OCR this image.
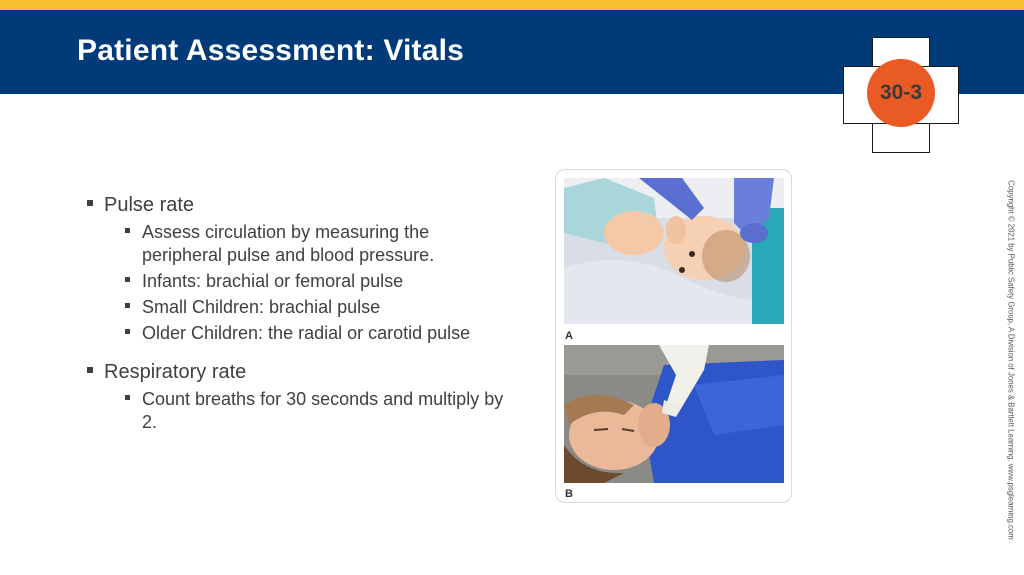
Patient Assessment: Vitals
30-3
Pulse rate
Assess circulation by measuring the peripheral pulse and blood pressure.
Infants: brachial or femoral pulse
Small Children: brachial pulse
Older Children: the radial or carotid pulse
Respiratory rate
Count breaths for 30 seconds and multiply by 2.
A
B	Copyright © 2021 by Public Safety Group, A Division of Jones & Bartlett Learning. www.psglearning.com
